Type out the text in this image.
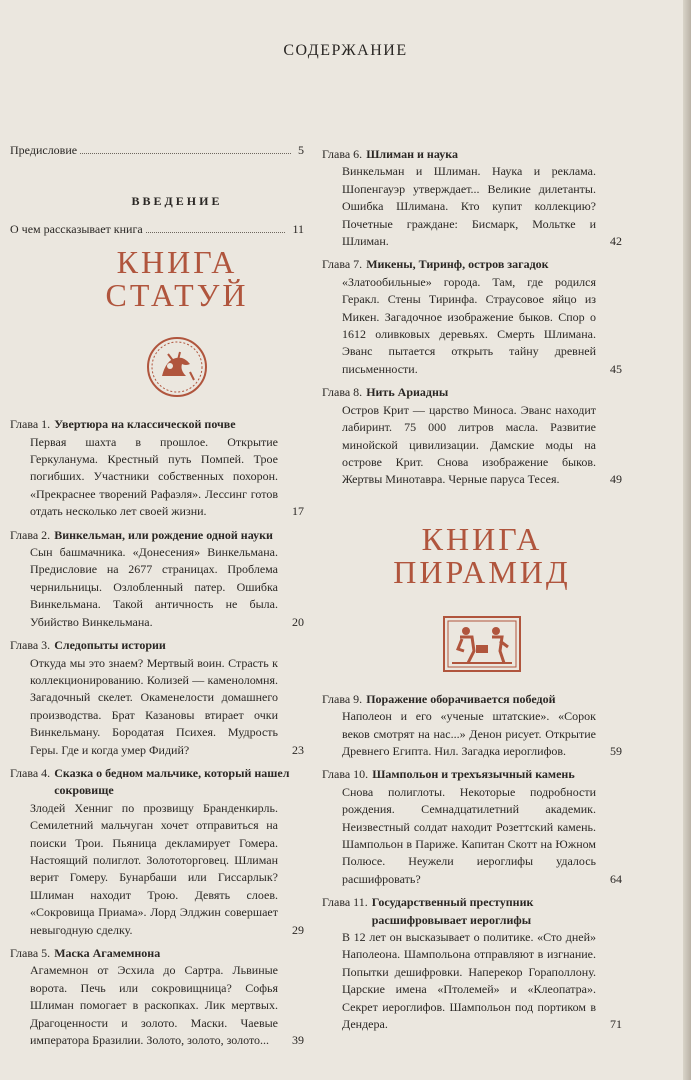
СОДЕРЖАНИЕ
Предисловие	5
ВВЕДЕНИЕ
О чем рассказывает книга	11
КНИГА
СТАТУЙ
Глава 1. Увертюра на классической почве
Первая шахта в прошлое. Открытие Геркуланума. Крестный путь Помпей. Трое погибших. Участники собственных похорон. «Прекраснее творений Рафаэля». Лессинг готов отдать несколько лет своей жизни.	17
Глава 2. Винкельман, или рождение одной науки
Сын башмачника. «Донесения» Винкельмана. Предисловие на 2677 страницах. Проблема чернильницы. Озлобленный патер. Ошибка Винкельмана. Такой античность не была. Убийство Винкельмана.	20
Глава 3. Следопыты истории
Откуда мы это знаем? Мертвый воин. Страсть к коллекционированию. Колизей — каменоломня. Загадочный скелет. Окаменелости домашнего производства. Брат Казановы втирает очки Винкельману. Бородатая Психея. Мудрость Геры. Где и когда умер Фидий?	23
Глава 4. Сказка о бедном мальчике, который нашел сокровище
Злодей Хенниг по прозвищу Бранденкирль. Семилетний мальчуган хочет отправиться на поиски Трои. Пьяница декламирует Гомера. Настоящий полиглот. Золототорговец. Шлиман верит Гомеру. Бунарбаши или Гиссарлык? Шлиман находит Трою. Девять слоев. «Сокровища Приама». Лорд Элджин совершает невыгодную сделку.	29
Глава 5. Маска Агамемнона
Агамемнон от Эсхила до Сартра. Львиные ворота. Печь или сокровищница? Софья Шлиман помогает в раскопках. Лик мертвых. Драгоценности и золото. Маски. Чаевые императора Бразилии. Золото, золото, золото...	39
Глава 6. Шлиман и наука
Винкельман и Шлиман. Наука и реклама. Шопенгауэр утверждает... Великие дилетанты. Ошибка Шлимана. Кто купит коллекцию? Почетные граждане: Бисмарк, Мольтке и Шлиман.	42
Глава 7. Микены, Тиринф, остров загадок
«Златообильные» города. Там, где родился Геракл. Стены Тиринфа. Страусовое яйцо из Микен. Загадочное изображение быков. Спор о 1612 оливковых деревьях. Смерть Шлимана. Эванс пытается открыть тайну древней письменности.	45
Глава 8. Нить Ариадны
Остров Крит — царство Миноса. Эванс находит лабиринт. 75 000 литров масла. Развитие минойской цивилизации. Дамские моды на острове Крит. Снова изображение быков. Жертвы Минотавра. Черные паруса Тесея.	49
КНИГА
ПИРАМИД
Глава 9. Поражение оборачивается победой
Наполеон и его «ученые штатские». «Сорок веков смотрят на нас...» Денон рисует. Открытие Древнего Египта. Нил. Загадка иероглифов.	59
Глава 10. Шампольон и трехъязычный камень
Снова полиглоты. Некоторые подробности рождения. Семнадцатилетний академик. Неизвестный солдат находит Розеттский камень. Шампольон в Париже. Капитан Скотт на Южном Полюсе. Неужели иероглифы удалось расшифровать?	64
Глава 11. Государственный преступник расшифровывает иероглифы
В 12 лет он высказывает о политике. «Сто дней» Наполеона. Шампольона отправляют в изгнание. Попытки дешифровки. Наперекор Гораполлону. Царские имена «Птолемей» и «Клеопатра». Секрет иероглифов. Шампольон под портиком в Дендера.	71
